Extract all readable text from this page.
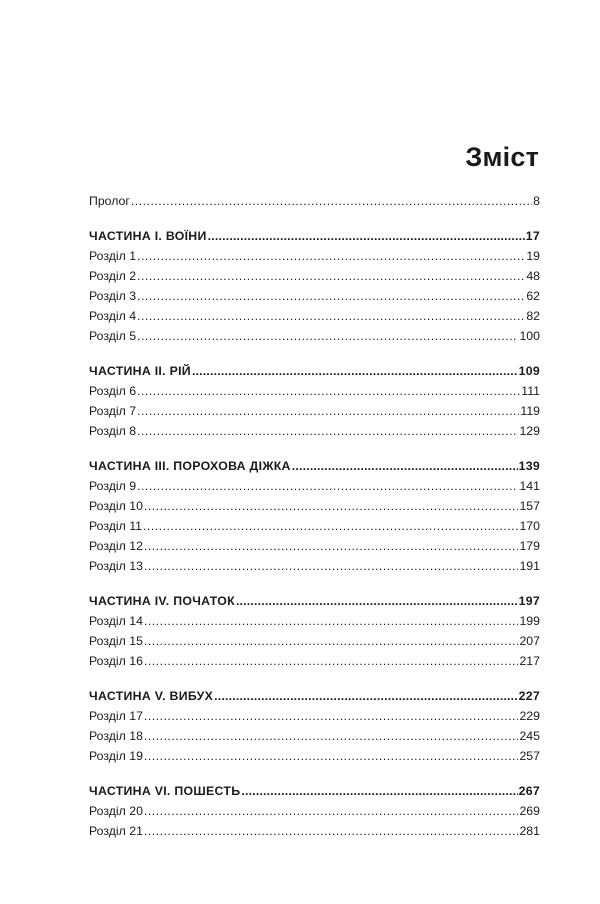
Зміст
Пролог .....	8
ЧАСТИНА І. ВОЇНИ .....	17
Розділ 1 .....	19
Розділ 2 .....	48
Розділ 3 .....	62
Розділ 4 .....	82
Розділ 5 .....	100
ЧАСТИНА ІІ. РІЙ .....	109
Розділ 6 .....	111
Розділ 7 .....	119
Розділ 8 .....	129
ЧАСТИНА ІІІ. ПОРОХОВА ДІЖКА .....	139
Розділ 9 .....	141
Розділ 10 .....	157
Розділ 11 .....	170
Розділ 12 .....	179
Розділ 13 .....	191
ЧАСТИНА IV. ПОЧАТОК .....	197
Розділ 14 .....	199
Розділ 15 .....	207
Розділ 16 .....	217
ЧАСТИНА V. ВИБУХ .....	227
Розділ 17 .....	229
Розділ 18 .....	245
Розділ 19 .....	257
ЧАСТИНА VI. ПОШЕСТЬ .....	267
Розділ 20 .....	269
Розділ 21 .....	281
